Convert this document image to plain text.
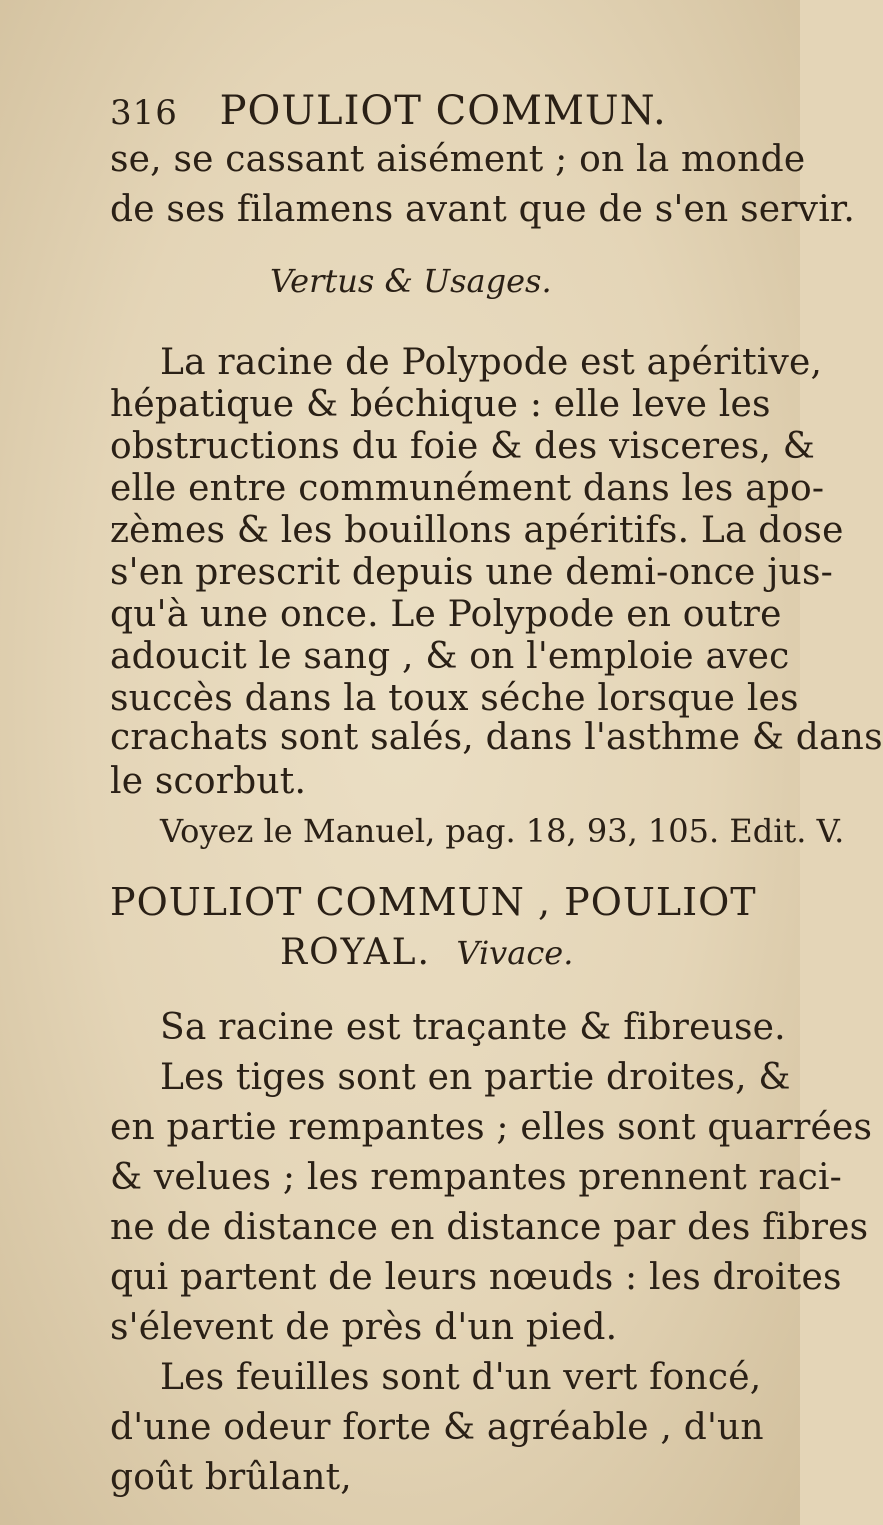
316 POULIOT COMMUN.
se, se cassant aisément ; on la monde
de ses filamens avant que de s'en servir.
Vertus & Usages.
La racine de Polypode est apéritive,
hépatique & béchique : elle leve les
obstructions du foie & des visceres, &
elle entre communément dans les apo-
zèmes & les bouillons apéritifs. La dose
s'en prescrit depuis une demi-once jus-
qu'à une once. Le Polypode en outre
adoucit le sang , & on l'emploie avec
succès dans la toux séche lorsque les
crachats sont salés, dans l'asthme & dans
le scorbut.
Voyez le Manuel, pag. 18, 93, 105. Edit. V.
POULIOT COMMUN , POULIOT
ROYAL. Vivace.
Sa racine est traçante & fibreuse.
Les tiges sont en partie droites, &
en partie rempantes ; elles sont quarrées
& velues ; les rempantes prennent raci-
ne de distance en distance par des fibres
qui partent de leurs nœuds : les droites
s'élevent de près d'un pied.
Les feuilles sont d'un vert foncé,
d'une odeur forte & agréable , d'un
goût brûlant,
